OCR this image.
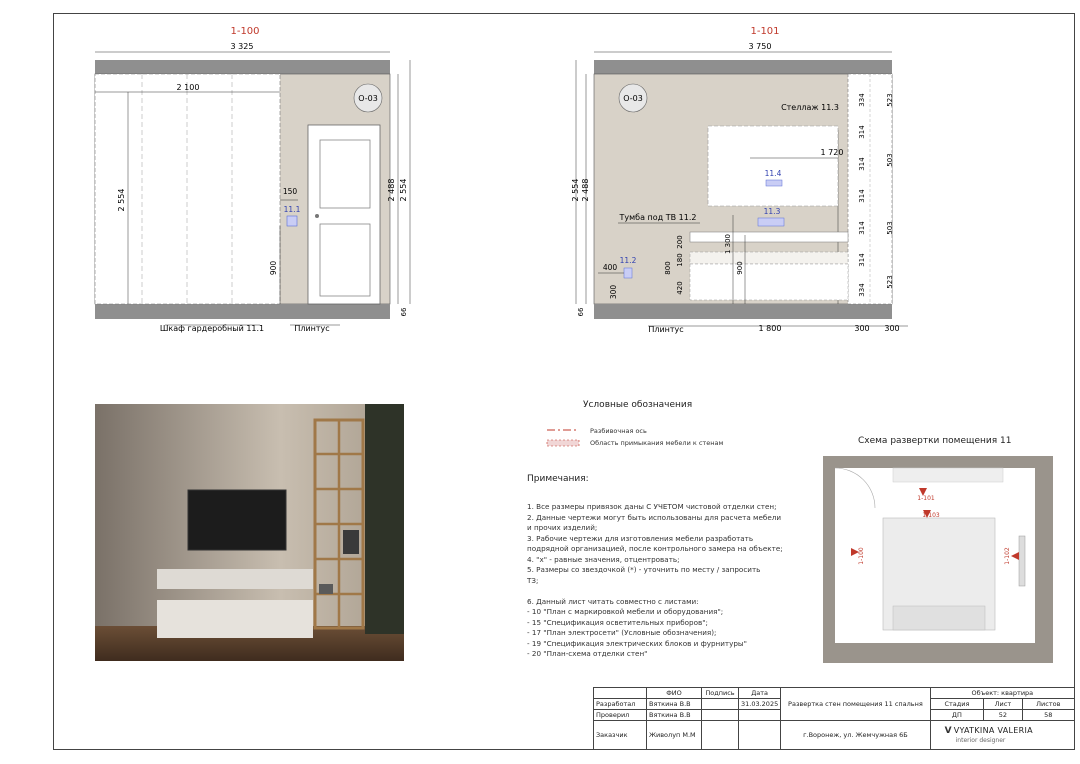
1-100
3 325
2 100
2 554
O-03
11.1
150
900
2 488 2 554
66
Шкаф гардеробный 11.1	Плинтус
1-101
3 750
O-03
Стеллаж 11.3
334
314
314
314
314
314
334
523
503
503
523
1 720
11.4
11.3
Тумба под ТВ 11.2
200
180
420
800
1 300
900
11.2
400
300
2 554 2 488
66
Плинтус	1 800	300 300
Условные обозначения
Разбивочная ось
Область примыкания мебели к стенам
Примечания:
1. Все размеры привязок даны С УЧЕТОМ чистовой отделки стен;
2. Данные чертежи могут быть использованы для расчета мебели
и прочих изделий;
3. Рабочие чертежи для изготовления мебели разработать
подрядной организацией, после контрольного замера на объекте;
4. "x" - равные значения, отцентровать;
5. Размеры со звездочкой (*) - уточнить по месту / запросить
ТЗ;
6. Данный лист читать совместно с листами:
- 10 "План с маркировкой мебели и оборудования";
- 15 "Спецификация осветительных приборов";
- 17 "План электросети" (Условные обозначения);
- 19 "Спецификация электрических блоков и фурнитуры"
- 20 "План-схема отделки стен"
Схема развертки помещения 11
1-101
1-103
1-102
1-100
	ФИО	Подпись	Дата	Развертка стен помещения 11 спальня	Объект: квартира		
Разработал	Вяткина В.В		31.03.2025		Стадия	Лист	Листов
Проверил	Вяткина В.В				ДП	52	58
Заказчик	Живолуп М.М			г.Воронеж, ул. Жемчужная 6Б	V VYATKINA VALERIA
interior designer		
